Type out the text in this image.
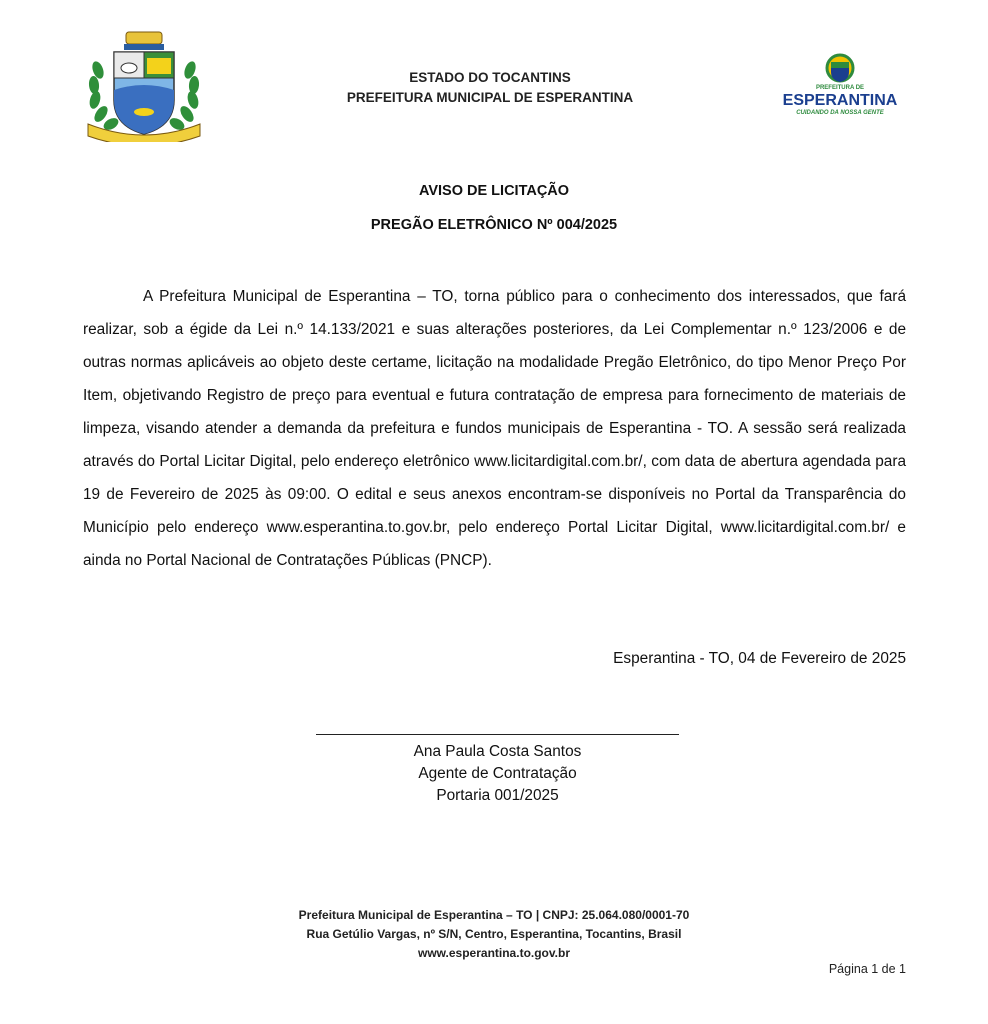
PREFEITURA DE
ESPERANTINA
CUIDANDO DA NOSSA GENTE
ESTADO DO TOCANTINS
PREFEITURA MUNICIPAL DE ESPERANTINA
AVISO DE LICITAÇÃO
PREGÃO ELETRÔNICO Nº 004/2025
A Prefeitura Municipal de Esperantina – TO, torna público para o conhecimento dos interessados, que fará realizar, sob a égide da Lei n.º 14.133/2021 e suas alterações posteriores, da Lei Complementar n.º 123/2006 e de outras normas aplicáveis ao objeto deste certame, licitação na modalidade Pregão Eletrônico, do tipo Menor Preço Por Item, objetivando Registro de preço para eventual e futura contratação de empresa para fornecimento de materiais de limpeza, visando atender a demanda da prefeitura e fundos municipais de Esperantina - TO. A sessão será realizada através do Portal Licitar Digital, pelo endereço eletrônico www.licitardigital.com.br/, com data de abertura agendada para 19 de Fevereiro de 2025 às 09:00. O edital e seus anexos encontram-se disponíveis no Portal da Transparência do Município pelo endereço www.esperantina.to.gov.br, pelo endereço Portal Licitar Digital, www.licitardigital.com.br/ e ainda no Portal Nacional de Contratações Públicas (PNCP).
Esperantina - TO, 04 de Fevereiro de 2025
Ana Paula Costa Santos
Agente de Contratação
Portaria 001/2025
Prefeitura Municipal de Esperantina – TO | CNPJ: 25.064.080/0001-70
Rua Getúlio Vargas, nº S/N, Centro, Esperantina, Tocantins, Brasil
www.esperantina.to.gov.br
Página 1 de 1
